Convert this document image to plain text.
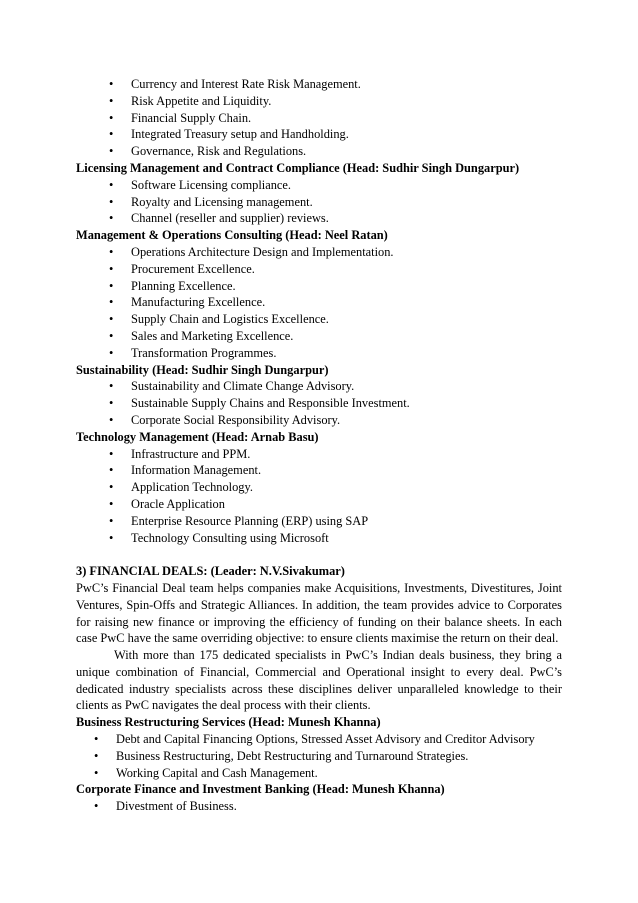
• Currency and Interest Rate Risk Management.
• Risk Appetite and Liquidity.
• Financial Supply Chain.
• Integrated Treasury setup and Handholding.
• Governance, Risk and Regulations.
Licensing Management and Contract Compliance (Head: Sudhir Singh Dungarpur)
• Software Licensing compliance.
• Royalty and Licensing management.
• Channel (reseller and supplier) reviews.
Management & Operations Consulting (Head: Neel Ratan)
• Operations Architecture Design and Implementation.
• Procurement Excellence.
• Planning Excellence.
• Manufacturing Excellence.
• Supply Chain and Logistics Excellence.
• Sales and Marketing Excellence.
• Transformation Programmes.
Sustainability (Head: Sudhir Singh Dungarpur)
• Sustainability and Climate Change Advisory.
• Sustainable Supply Chains and Responsible Investment.
• Corporate Social Responsibility Advisory.
Technology Management (Head: Arnab Basu)
• Infrastructure and PPM.
• Information Management.
• Application Technology.
• Oracle Application
• Enterprise Resource Planning (ERP) using SAP
• Technology Consulting using Microsoft
3) FINANCIAL DEALS: (Leader: N.V.Sivakumar)
PwC’s Financial Deal team helps companies make Acquisitions, Investments, Divestitures, Joint Ventures, Spin-Offs and Strategic Alliances. In addition, the team provides advice to Corporates for raising new finance or improving the efficiency of funding on their balance sheets. In each case PwC have the same overriding objective: to ensure clients maximise the return on their deal.
With more than 175 dedicated specialists in PwC’s Indian deals business, they bring a unique combination of Financial, Commercial and Operational insight to every deal. PwC’s dedicated industry specialists across these disciplines deliver unparalleled knowledge to their clients as PwC navigates the deal process with their clients.
Business Restructuring Services (Head: Munesh Khanna)
• Debt and Capital Financing Options, Stressed Asset Advisory and Creditor Advisory
• Business Restructuring, Debt Restructuring and Turnaround Strategies.
• Working Capital and Cash Management.
Corporate Finance and Investment Banking (Head: Munesh Khanna)
• Divestment of Business.
